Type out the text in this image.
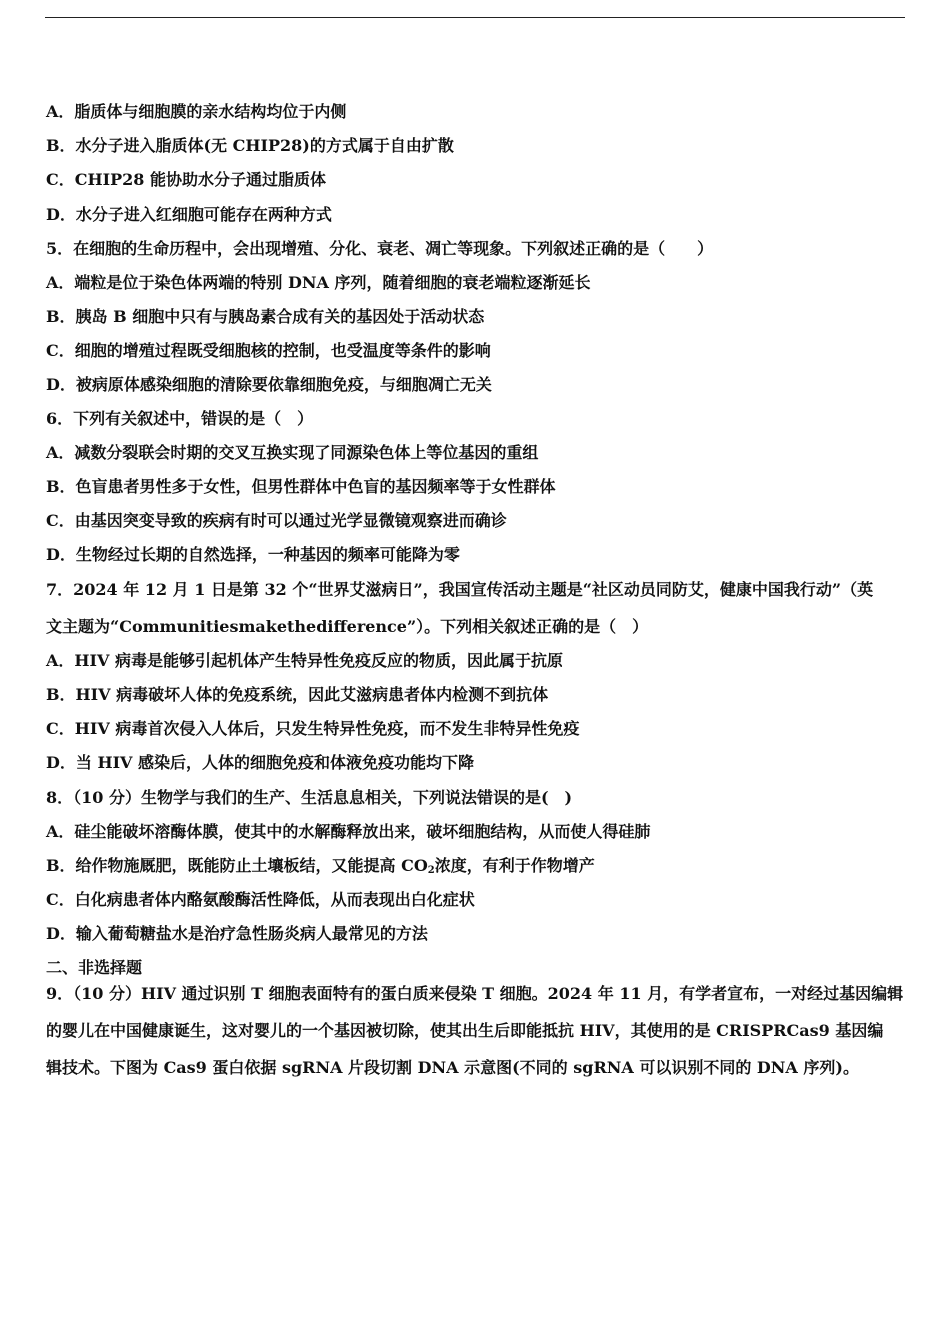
A．脂质体与细胞膜的亲水结构均位于内侧
B．水分子进入脂质体(无 CHIP28)的方式属于自由扩散
C．CHIP28 能协助水分子通过脂质体
D．水分子进入红细胞可能存在两种方式
5．在细胞的生命历程中，会出现增殖、分化、衰老、凋亡等现象。下列叙述正确的是（　　）
A．端粒是位于染色体两端的特别 DNA 序列，随着细胞的衰老端粒逐渐延长
B．胰岛 B 细胞中只有与胰岛素合成有关的基因处于活动状态
C．细胞的增殖过程既受细胞核的控制，也受温度等条件的影响
D．被病原体感染细胞的清除要依靠细胞免疫，与细胞凋亡无关
6．下列有关叙述中，错误的是（　）
A．减数分裂联会时期的交叉互换实现了同源染色体上等位基因的重组
B．色盲患者男性多于女性，但男性群体中色盲的基因频率等于女性群体
C．由基因突变导致的疾病有时可以通过光学显微镜观察进而确诊
D．生物经过长期的自然选择，一种基因的频率可能降为零
7．2024 年 12 月 1 日是第 32 个“世界艾滋病日”，我国宣传活动主题是“社区动员同防艾，健康中国我行动”（英
文主题为“Communitiesmakethedifference”）。下列相关叙述正确的是（　）
A．HIV 病毒是能够引起机体产生特异性免疫反应的物质，因此属于抗原
B．HIV 病毒破坏人体的免疫系统，因此艾滋病患者体内检测不到抗体
C．HIV 病毒首次侵入人体后，只发生特异性免疫，而不发生非特异性免疫
D．当 HIV 感染后，人体的细胞免疫和体液免疫功能均下降
8．（10 分）生物学与我们的生产、生活息息相关，下列说法错误的是(　)
A．硅尘能破坏溶酶体膜，使其中的水解酶释放出来，破坏细胞结构，从而使人得硅肺
B．给作物施厩肥，既能防止土壤板结，又能提高 $CO_2$浓度，有利于作物增产
C．白化病患者体内酪氨酸酶活性降低，从而表现出白化症状
D．输入葡萄糖盐水是治疗急性肠炎病人最常见的方法
二、非选择题
9．（10 分）HIV 通过识别 T 细胞表面特有的蛋白质来侵染 T 细胞。2024 年 11 月，有学者宣布，一对经过基因编辑
的婴儿在中国健康诞生，这对婴儿的一个基因被切除，使其出生后即能抵抗 HIV，其使用的是 CRISPRCas9 基因编
辑技术。下图为 Cas9 蛋白依据 sgRNA 片段切割 DNA 示意图(不同的 sgRNA 可以识别不同的 DNA 序列)。
